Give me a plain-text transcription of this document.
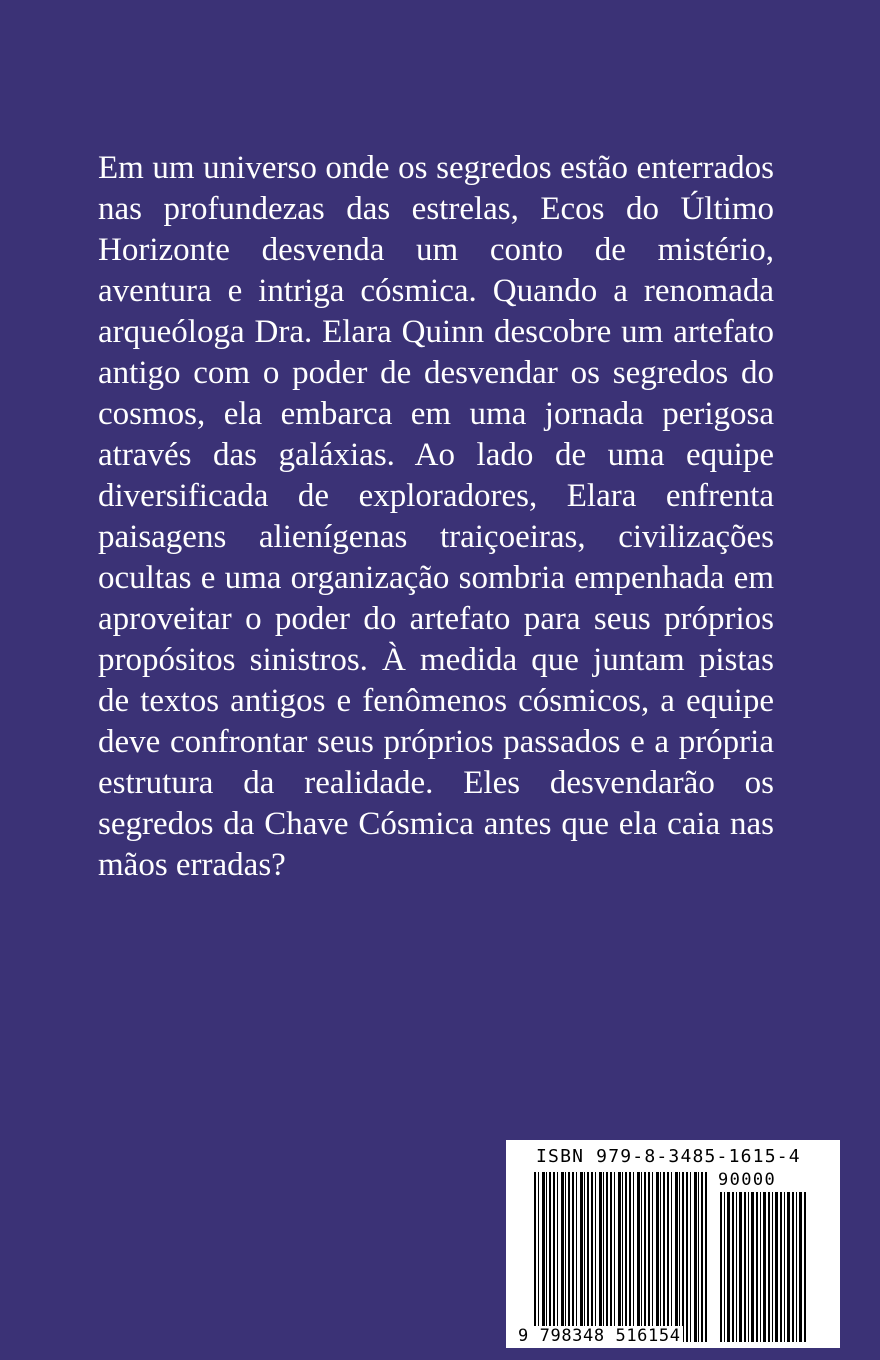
Em um universo onde os segredos estão enterrados nas profundezas das estrelas, Ecos do Último Horizonte desvenda um conto de mistério, aventura e intriga cósmica. Quando a renomada arqueóloga Dra. Elara Quinn descobre um artefato antigo com o poder de desvendar os segredos do cosmos, ela embarca em uma jornada perigosa através das galáxias. Ao lado de uma equipe diversificada de exploradores, Elara enfrenta paisagens alienígenas traiçoeiras, civilizações ocultas e uma organização sombria empenhada em aproveitar o poder do artefato para seus próprios propósitos sinistros. À medida que juntam pistas de textos antigos e fenômenos cósmicos, a equipe deve confrontar seus próprios passados e a própria estrutura da realidade. Eles desvendarão os segredos da Chave Cósmica antes que ela caia nas mãos erradas?

ISBN 979-8-3485-1615-4
90000
9 798348 516154
